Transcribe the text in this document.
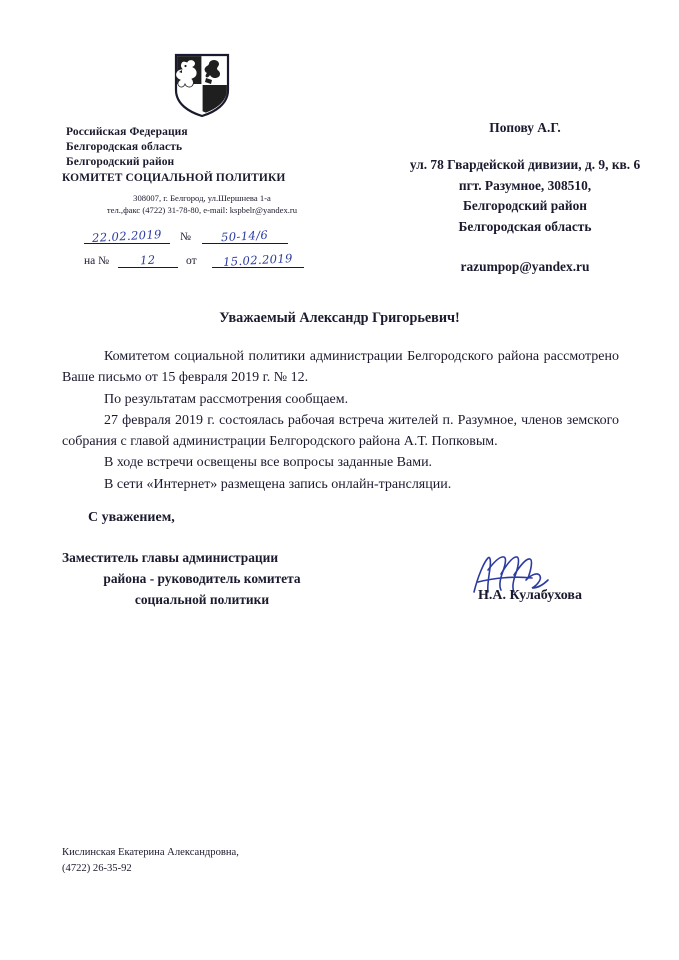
Российская Федерация
Белгородская область
Белгородский район
КОМИТЕТ СОЦИАЛЬНОЙ ПОЛИТИКИ
308007, г. Белгород, ул.Шершнева 1-а
тел.,факс (4722) 31-78-80, e-mail: kspbelr@yandex.ru
22.02.2019	№	50-14/6
на №	12	от	15.02.2019
Попову А.Г.
ул. 78 Гвардейской дивизии, д. 9, кв. 6
пгт. Разумное, 308510,
Белгородский район
Белгородская область
razumpop@yandex.ru
Уважаемый Александр Григорьевич!

Комитетом социальной политики администрации Белгородского района рассмотрено Ваше письмо от 15 февраля 2019 г. № 12.

По результатам рассмотрения сообщаем.

27 февраля 2019 г. состоялась рабочая встреча жителей п. Разумное, членов земского собрания с главой администрации Белгородского района А.Т. Попковым.

В ходе встречи освещены все вопросы заданные Вами.

В сети «Интернет» размещена запись онлайн-трансляции.

С уважением,
Заместитель главы администрации
района - руководитель комитета
социальной политики	Н.А. Кулабухова
Кислинская Екатерина Александровна,
(4722) 26-35-92
